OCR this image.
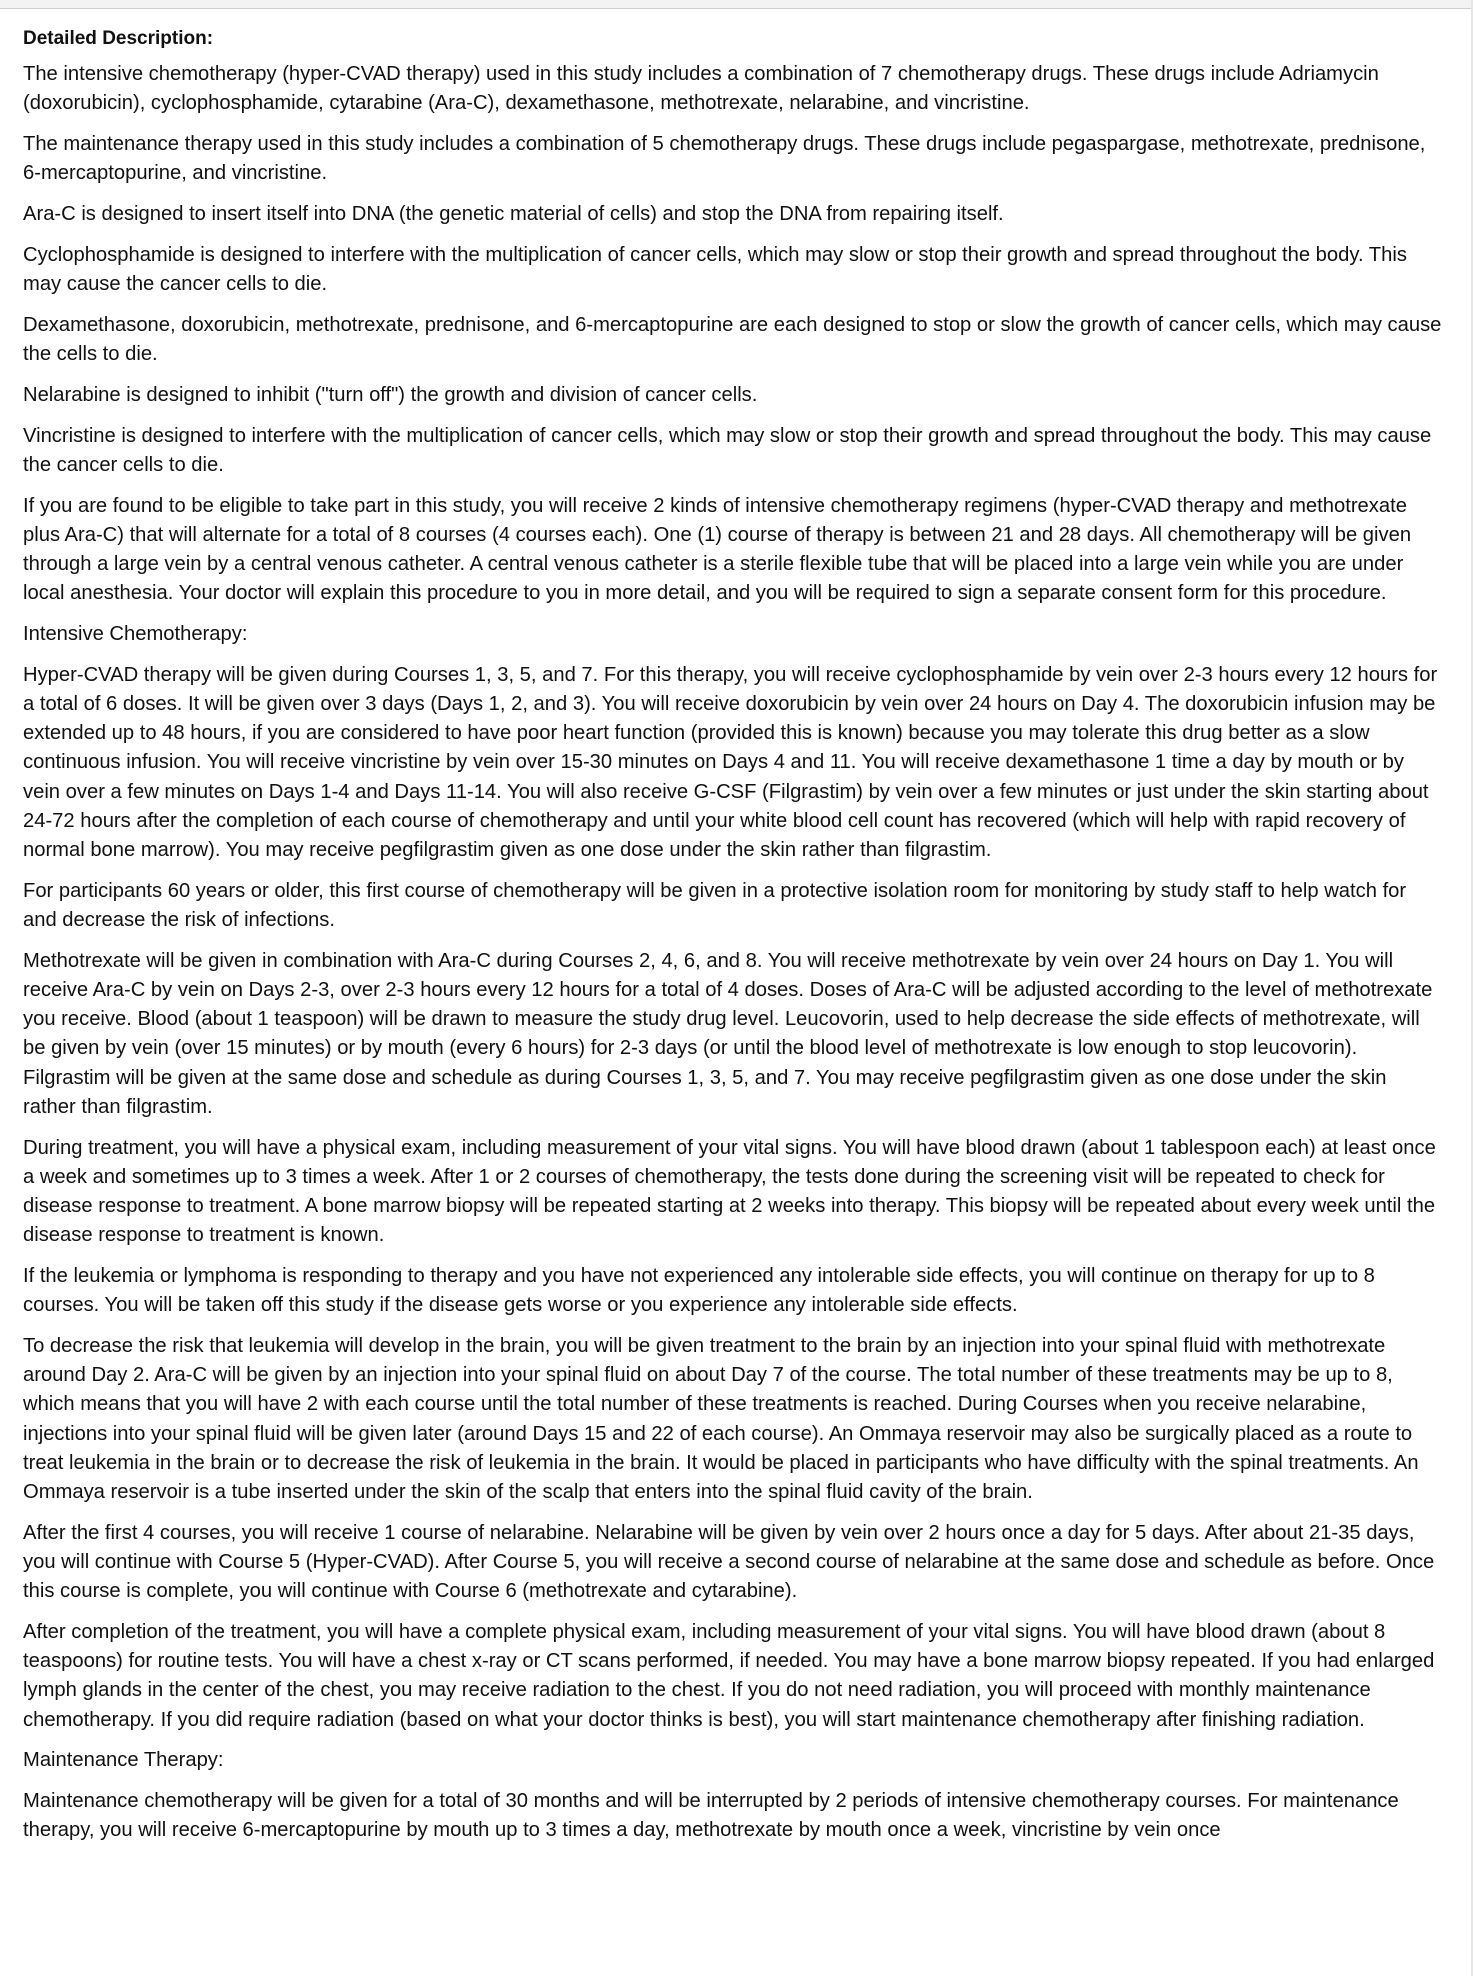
Detailed Description:

The intensive chemotherapy (hyper-CVAD therapy) used in this study includes a combination of 7 chemotherapy drugs. These drugs include Adriamycin (doxorubicin), cyclophosphamide, cytarabine (Ara-C), dexamethasone, methotrexate, nelarabine, and vincristine.

The maintenance therapy used in this study includes a combination of 5 chemotherapy drugs. These drugs include pegaspargase, methotrexate, prednisone, 6-mercaptopurine, and vincristine.

Ara-C is designed to insert itself into DNA (the genetic material of cells) and stop the DNA from repairing itself.

Cyclophosphamide is designed to interfere with the multiplication of cancer cells, which may slow or stop their growth and spread throughout the body. This may cause the cancer cells to die.

Dexamethasone, doxorubicin, methotrexate, prednisone, and 6-mercaptopurine are each designed to stop or slow the growth of cancer cells, which may cause the cells to die.

Nelarabine is designed to inhibit ("turn off") the growth and division of cancer cells.

Vincristine is designed to interfere with the multiplication of cancer cells, which may slow or stop their growth and spread throughout the body. This may cause the cancer cells to die.

If you are found to be eligible to take part in this study, you will receive 2 kinds of intensive chemotherapy regimens (hyper-CVAD therapy and methotrexate plus Ara-C) that will alternate for a total of 8 courses (4 courses each). One (1) course of therapy is between 21 and 28 days. All chemotherapy will be given through a large vein by a central venous catheter. A central venous catheter is a sterile flexible tube that will be placed into a large vein while you are under local anesthesia. Your doctor will explain this procedure to you in more detail, and you will be required to sign a separate consent form for this procedure.

Intensive Chemotherapy:

Hyper-CVAD therapy will be given during Courses 1, 3, 5, and 7. For this therapy, you will receive cyclophosphamide by vein over 2-3 hours every 12 hours for a total of 6 doses. It will be given over 3 days (Days 1, 2, and 3). You will receive doxorubicin by vein over 24 hours on Day 4. The doxorubicin infusion may be extended up to 48 hours, if you are considered to have poor heart function (provided this is known) because you may tolerate this drug better as a slow continuous infusion. You will receive vincristine by vein over 15-30 minutes on Days 4 and 11. You will receive dexamethasone 1 time a day by mouth or by vein over a few minutes on Days 1-4 and Days 11-14. You will also receive G-CSF (Filgrastim) by vein over a few minutes or just under the skin starting about 24-72 hours after the completion of each course of chemotherapy and until your white blood cell count has recovered (which will help with rapid recovery of normal bone marrow). You may receive pegfilgrastim given as one dose under the skin rather than filgrastim.

For participants 60 years or older, this first course of chemotherapy will be given in a protective isolation room for monitoring by study staff to help watch for and decrease the risk of infections.

Methotrexate will be given in combination with Ara-C during Courses 2, 4, 6, and 8. You will receive methotrexate by vein over 24 hours on Day 1. You will receive Ara-C by vein on Days 2-3, over 2-3 hours every 12 hours for a total of 4 doses. Doses of Ara-C will be adjusted according to the level of methotrexate you receive. Blood (about 1 teaspoon) will be drawn to measure the study drug level. Leucovorin, used to help decrease the side effects of methotrexate, will be given by vein (over 15 minutes) or by mouth (every 6 hours) for 2-3 days (or until the blood level of methotrexate is low enough to stop leucovorin). Filgrastim will be given at the same dose and schedule as during Courses 1, 3, 5, and 7. You may receive pegfilgrastim given as one dose under the skin rather than filgrastim.

During treatment, you will have a physical exam, including measurement of your vital signs. You will have blood drawn (about 1 tablespoon each) at least once a week and sometimes up to 3 times a week. After 1 or 2 courses of chemotherapy, the tests done during the screening visit will be repeated to check for disease response to treatment. A bone marrow biopsy will be repeated starting at 2 weeks into therapy. This biopsy will be repeated about every week until the disease response to treatment is known.

If the leukemia or lymphoma is responding to therapy and you have not experienced any intolerable side effects, you will continue on therapy for up to 8 courses. You will be taken off this study if the disease gets worse or you experience any intolerable side effects.

To decrease the risk that leukemia will develop in the brain, you will be given treatment to the brain by an injection into your spinal fluid with methotrexate around Day 2. Ara-C will be given by an injection into your spinal fluid on about Day 7 of the course. The total number of these treatments may be up to 8, which means that you will have 2 with each course until the total number of these treatments is reached. During Courses when you receive nelarabine, injections into your spinal fluid will be given later (around Days 15 and 22 of each course). An Ommaya reservoir may also be surgically placed as a route to treat leukemia in the brain or to decrease the risk of leukemia in the brain. It would be placed in participants who have difficulty with the spinal treatments. An Ommaya reservoir is a tube inserted under the skin of the scalp that enters into the spinal fluid cavity of the brain.

After the first 4 courses, you will receive 1 course of nelarabine. Nelarabine will be given by vein over 2 hours once a day for 5 days. After about 21-35 days, you will continue with Course 5 (Hyper-CVAD). After Course 5, you will receive a second course of nelarabine at the same dose and schedule as before. Once this course is complete, you will continue with Course 6 (methotrexate and cytarabine).

After completion of the treatment, you will have a complete physical exam, including measurement of your vital signs. You will have blood drawn (about 8 teaspoons) for routine tests. You will have a chest x-ray or CT scans performed, if needed. You may have a bone marrow biopsy repeated. If you had enlarged lymph glands in the center of the chest, you may receive radiation to the chest. If you do not need radiation, you will proceed with monthly maintenance chemotherapy. If you did require radiation (based on what your doctor thinks is best), you will start maintenance chemotherapy after finishing radiation.

Maintenance Therapy:

Maintenance chemotherapy will be given for a total of 30 months and will be interrupted by 2 periods of intensive chemotherapy courses. For maintenance therapy, you will receive 6-mercaptopurine by mouth up to 3 times a day, methotrexate by mouth once a week, vincristine by vein once
